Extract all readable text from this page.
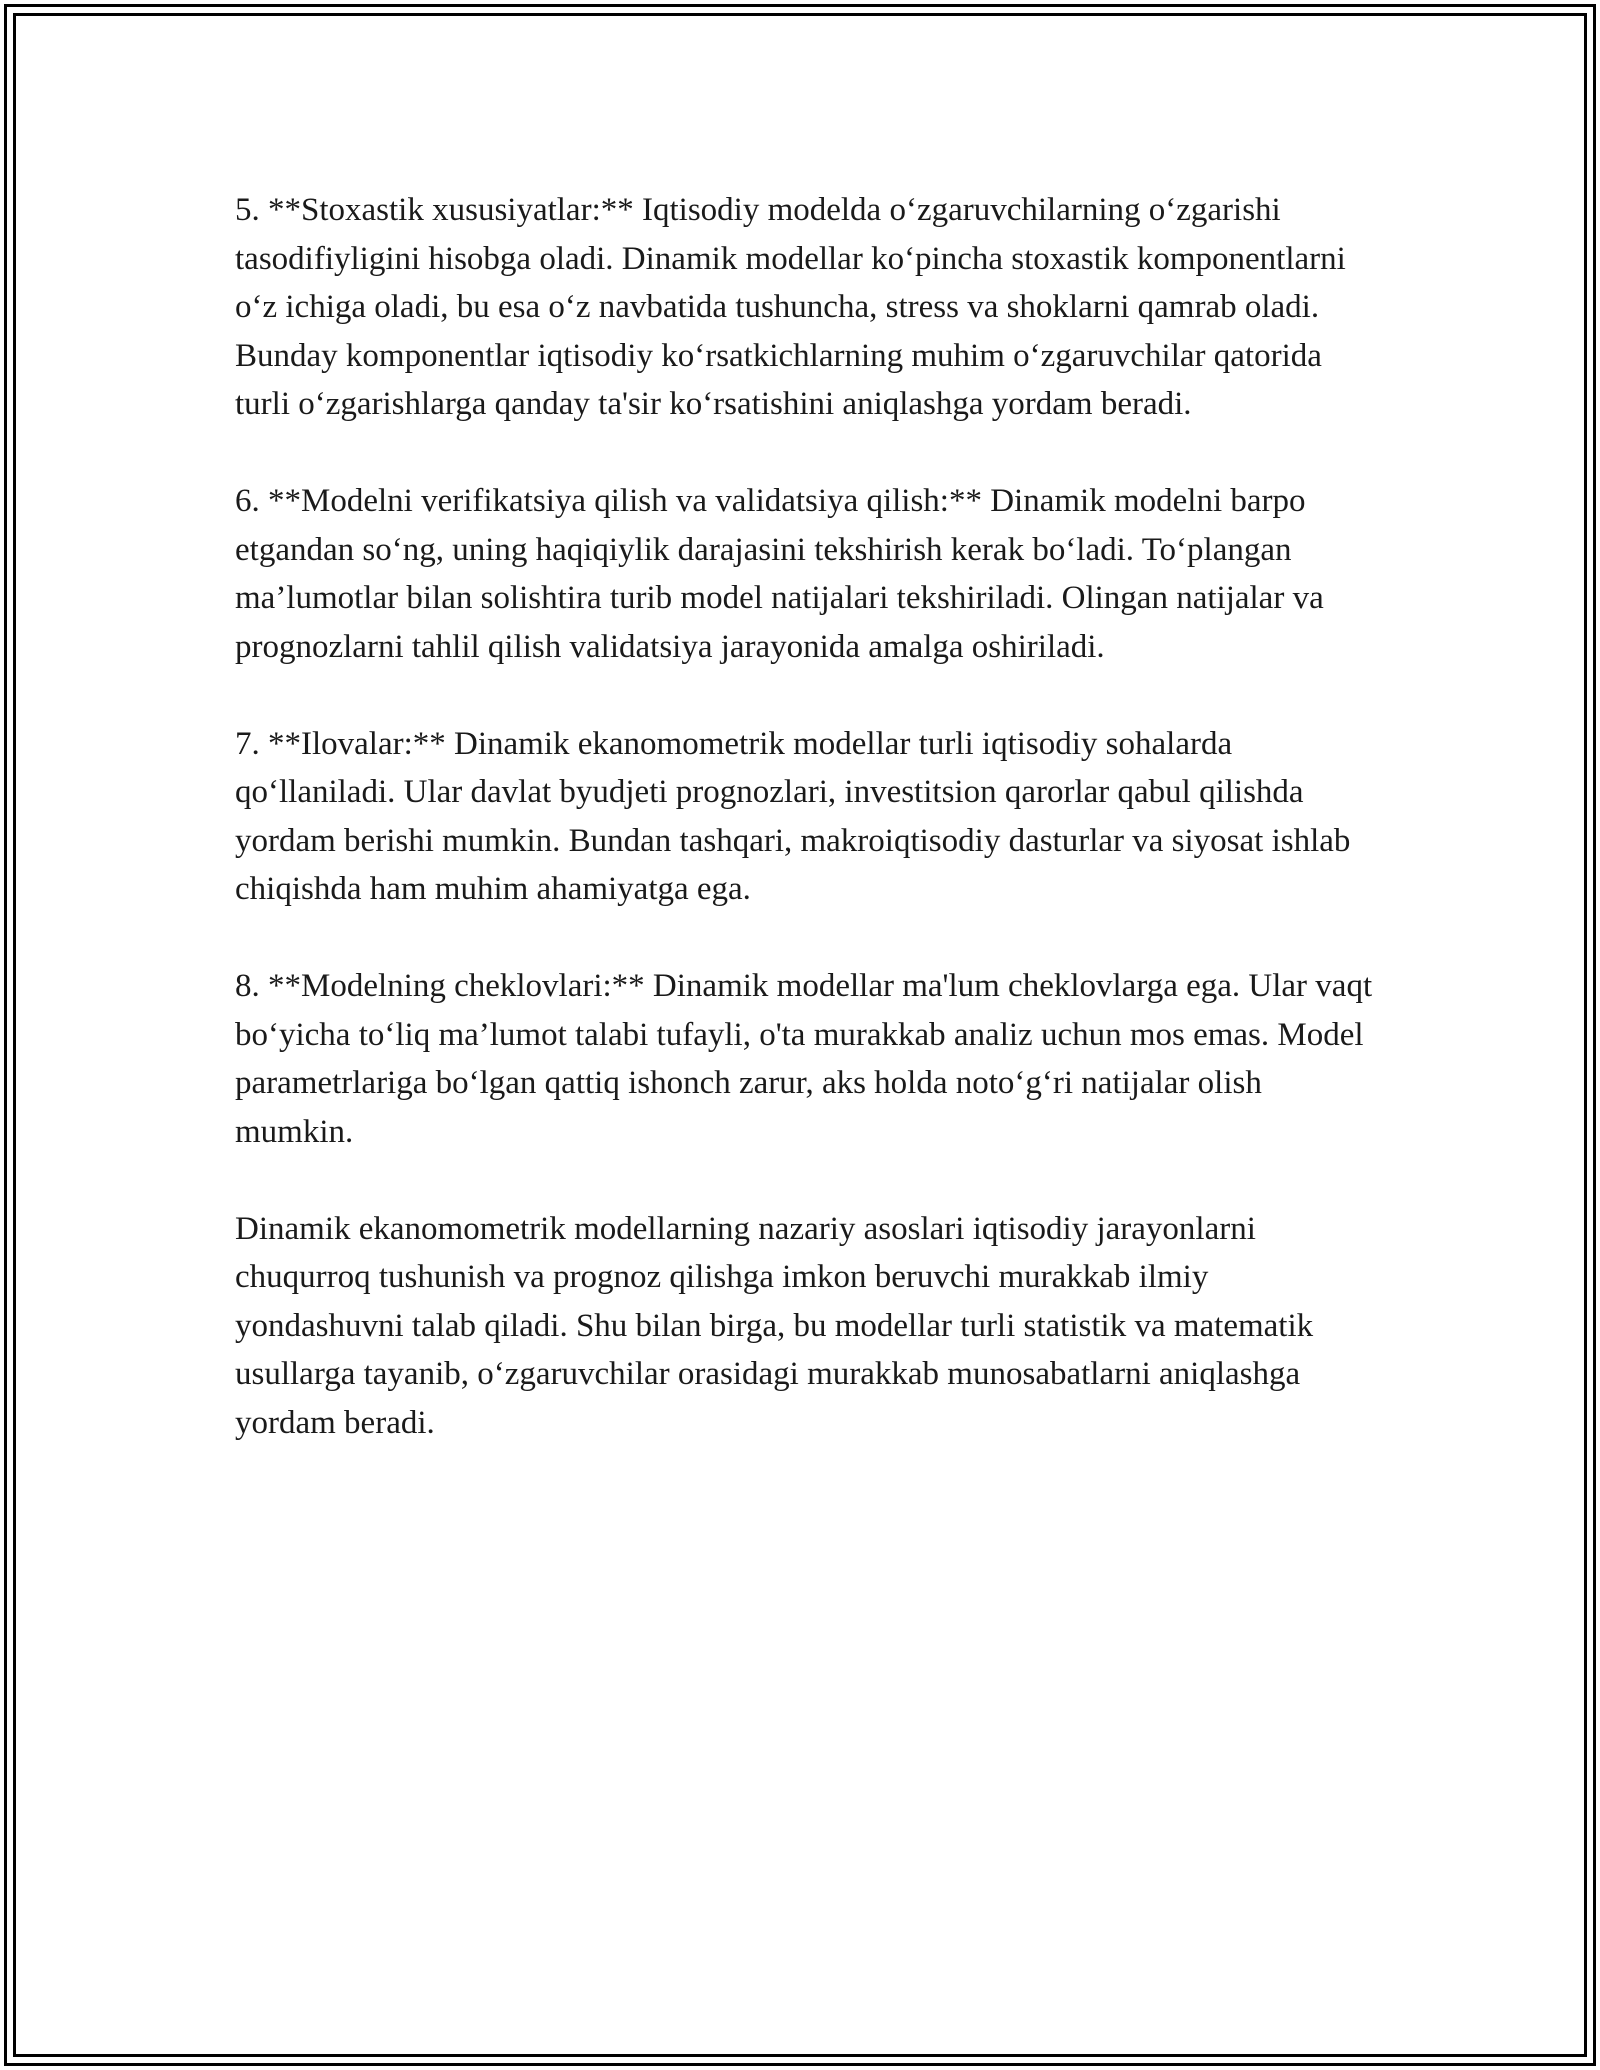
5. **Stoxastik xususiyatlar:** Iqtisodiy modelda o‘zgaruvchilarning o‘zgarishi tasodifiyligini hisobga oladi. Dinamik modellar ko‘pincha stoxastik komponentlarni o‘z ichiga oladi, bu esa o‘z navbatida tushuncha, stress va shoklarni qamrab oladi. Bunday komponentlar iqtisodiy ko‘rsatkichlarning muhim o‘zgaruvchilar qatorida turli o‘zgarishlarga qanday ta'sir ko‘rsatishini aniqlashga yordam beradi.

6. **Modelni verifikatsiya qilish va validatsiya qilish:** Dinamik modelni barpo etgandan so‘ng, uning haqiqiylik darajasini tekshirish kerak bo‘ladi. To‘plangan ma’lumotlar bilan solishtira turib model natijalari tekshiriladi. Olingan natijalar va prognozlarni tahlil qilish validatsiya jarayonida amalga oshiriladi.

7. **Ilovalar:** Dinamik ekanomometrik modellar turli iqtisodiy sohalarda qo‘llaniladi. Ular davlat byudjeti prognozlari, investitsion qarorlar qabul qilishda yordam berishi mumkin. Bundan tashqari, makroiqtisodiy dasturlar va siyosat ishlab chiqishda ham muhim ahamiyatga ega.

8. **Modelning cheklovlari:** Dinamik modellar ma'lum cheklovlarga ega. Ular vaqt bo‘yicha to‘liq ma’lumot talabi tufayli, o'ta murakkab analiz uchun mos emas. Model parametrlariga bo‘lgan qattiq ishonch zarur, aks holda noto‘g‘ri natijalar olish mumkin.

Dinamik ekanomometrik modellarning nazariy asoslari iqtisodiy jarayonlarni chuqurroq tushunish va prognoz qilishga imkon beruvchi murakkab ilmiy yondashuvni talab qiladi. Shu bilan birga, bu modellar turli statistik va matematik usullarga tayanib, o‘zgaruvchilar orasidagi murakkab munosabatlarni aniqlashga yordam beradi.
